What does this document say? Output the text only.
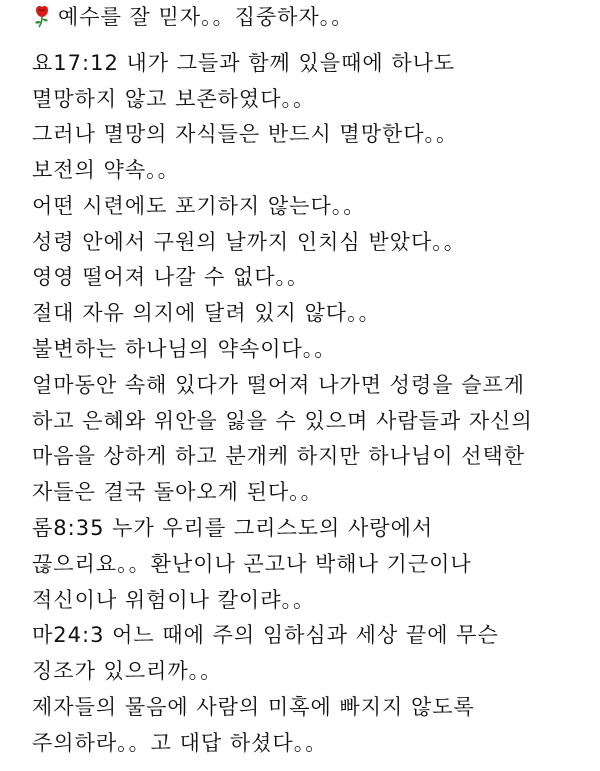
예수를 잘 믿자。。집중하자。。
요17:12 내가 그들과 함께 있을때에 하나도
멸망하지 않고 보존하였다。。
그러나 멸망의 자식들은 반드시 멸망한다。。
보전의 약속。。
어떤 시련에도 포기하지 않는다。。
성령 안에서 구원의 날까지 인치심 받았다。。
영영 떨어져 나갈 수 없다。。
절대 자유 의지에 달려 있지 않다。。
불변하는 하나님의 약속이다。。
얼마동안 속해 있다가 떨어져 나가면 성령을 슬프게
하고 은혜와 위안을 잃을 수 있으며 사람들과 자신의
마음을 상하게 하고 분개케 하지만 하나님이 선택한
자들은 결국 돌아오게 된다。。
롬8:35 누가 우리를 그리스도의 사랑에서
끊으리요。。환난이나 곤고나 박해나 기근이나
적신이나 위험이나 칼이랴。。
마24:3 어느 때에 주의 임하심과 세상 끝에 무슨
징조가 있으리까。。
제자들의 물음에 사람의 미혹에 빠지지 않도록
주의하라。。고 대답 하셨다。。
